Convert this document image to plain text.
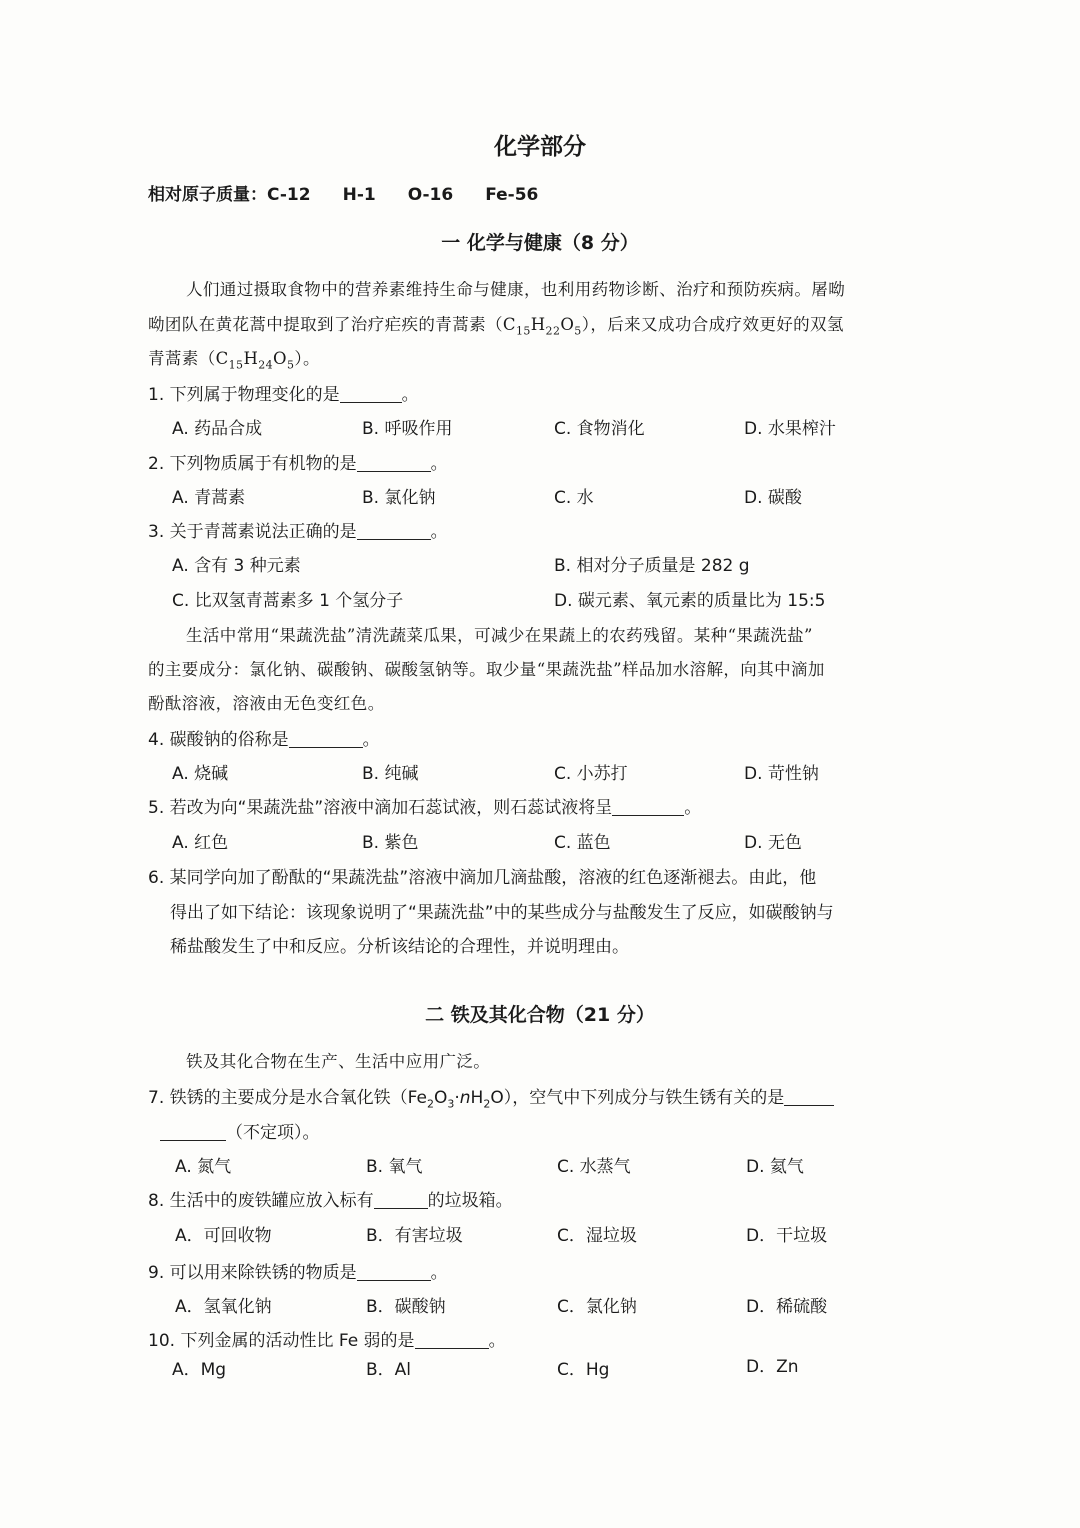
化学部分
相对原子质量：C-12 H-1 O-16 Fe-56
一 化学与健康（8 分）
人们通过摄取食物中的营养素维持生命与健康，也利用药物诊断、治疗和预防疾病。屠呦
呦团队在黄花蒿中提取到了治疗疟疾的青蒿素$(C_{15}H_{22}O_5)$，后来又成功合成疗效更好的双氢
青蒿素$(C_{15}H_{24}O_5)$。
1. 下列属于物理变化的是	。
A. 药品合成	B. 呼吸作用	C. 食物消化	D. 水果榨汁
2. 下列物质属于有机物的是	。
A. 青蒿素	B. 氯化钠	C. 水	D. 碳酸
3. 关于青蒿素说法正确的是	。
A. 含有 3 种元素	B. 相对分子质量是 282 g
C. 比双氢青蒿素多 1 个氢分子	D. 碳元素、氧元素的质量比为 15:5
生活中常用“果蔬洗盐”清洗蔬菜瓜果，可减少在果蔬上的农药残留。某种“果蔬洗盐”
的主要成分：氯化钠、碳酸钠、碳酸氢钠等。取少量“果蔬洗盐”样品加水溶解，向其中滴加
酚酞溶液，溶液由无色变红色。
4. 碳酸钠的俗称是	。
A. 烧碱	B. 纯碱	C. 小苏打	D. 苛性钠
5. 若改为向“果蔬洗盐”溶液中滴加石蕊试液，则石蕊试液将呈	。
A. 红色	B. 紫色	C. 蓝色	D. 无色
6. 某同学向加了酚酞的“果蔬洗盐”溶液中滴加几滴盐酸，溶液的红色逐渐褪去。由此，他
得出了如下结论：该现象说明了“果蔬洗盐”中的某些成分与盐酸发生了反应，如碳酸钠与
稀盐酸发生了中和反应。分析该结论的合理性，并说明理由。
二 铁及其化合物（21 分）
铁及其化合物在生产、生活中应用广泛。
7. 铁锈的主要成分是水合氧化铁$(Fe_2O_3\cdot nH_2O)$，空气中下列成分与铁生锈有关的是
（不定项）。
A. 氮气	B. 氧气	C. 水蒸气	D. 氦气
8. 生活中的废铁罐应放入标有	的垃圾箱。
A．可回收物	B．有害垃圾	C．湿垃圾	D．干垃圾
9. 可以用来除铁锈的物质是	。
A．氢氧化钠	B．碳酸钠	C．氯化钠	D．稀硫酸
10. 下列金属的活动性比 Fe 弱的是	。
A．Mg	B．Al	C．Hg	D．Zn
